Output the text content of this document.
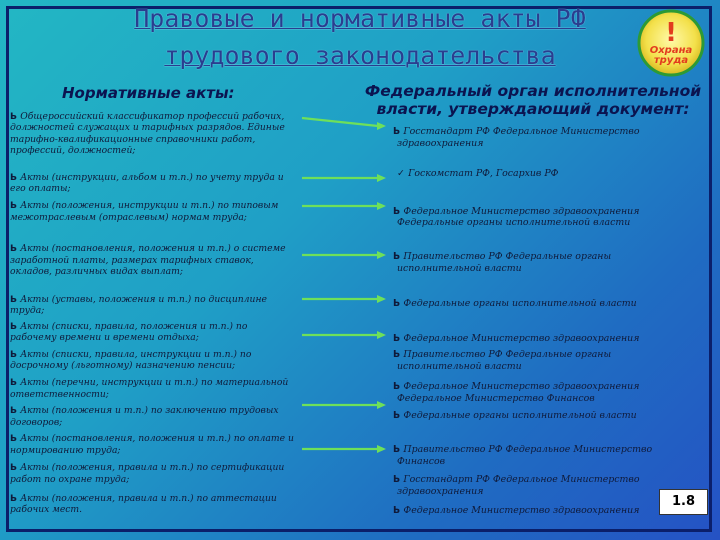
Правовые и нормативные акты РФ
трудового законодательства
!
Охрана
труда
Нормативные акты:	Федеральный орган исполнительной
власти, утверждающий документ:
Ь Общероссийский классификатор профессий рабочих,
должностей служащих и тарифных разрядов. Единые
тарифно-квалификационные справочники работ,
профессий, должностей;
Ь Акты (инструкции, альбом и т.п.) по учету труда и
его оплаты;
Ь Акты (положения, инструкции и т.п.) по типовым
межотраслевым (отраслевым) нормам труда;
Ь Акты (постановления, положения и т.п.) о системе
заработной платы, размерах тарифных ставок,
окладов, различных видах выплат;
Ь Акты (уставы, положения и т.п.) по дисциплине
труда;
Ь Акты (списки, правила, положения и т.п.) по
рабочему времени и времени отдыха;
Ь Акты (списки, правила, инструкции и т.п.) по
досрочному (льготному) назначению пенсии;
Ь Акты (перечни, инструкции и т.п.) по материальной
ответственности;
Ь Акты (положения и т.п.) по заключению трудовых
договоров;
Ь Акты (постановления, положения и т.п.) по оплате и
нормированию труда;
Ь Акты (положения, правила и т.п.) по сертификации
работ по охране труда;
Ь Акты (положения, правила и т.п.) по аттестации
рабочих мест.
Ь Госстандарт РФ Федеральное Министерство
здравоохранения
✓ Госкомстат РФ, Госархив РФ
Ь Федеральное Министерство здравоохранения
Федеральные органы исполнительной власти
Ь Правительство РФ Федеральные органы
исполнительной власти
Ь Федеральные органы исполнительной власти
Ь Федеральное Министерство здравоохранения
Ь Правительство РФ Федеральные органы
исполнительной власти
Ь Федеральное Министерство здравоохранения
Федеральное Министерство Финансов
Ь Федеральные органы исполнительной власти
Ь Правительство РФ Федеральное Министерство
Финансов
Ь Госстандарт РФ Федеральное Министерство
здравоохранения
Ь Федеральное Министерство здравоохранения
1.8
